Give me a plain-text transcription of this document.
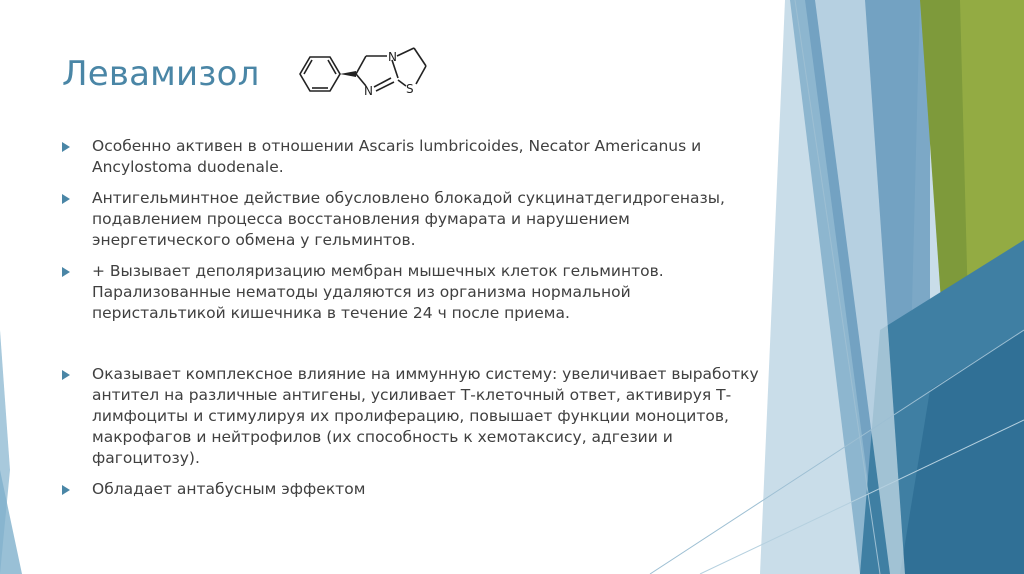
Левамизол	N
N	S
Особенно активен в отношении Ascaris lumbricoides, Necator Americanus и Ancylostoma duodenale.
Антигельминтное действие обусловлено блокадой сукцинатдегидрогеназы, подавлением процесса восстановления фумарата и нарушением энергетического обмена у гельминтов.
+ Вызывает деполяризацию мембран мышечных клеток гельминтов. Парализованные нематоды удаляются из организма нормальной перистальтикой кишечника в течение 24 ч после приема.
Оказывает комплексное влияние на иммунную систему: увеличивает выработку антител на различные антигены, усиливает Т-клеточный ответ, активируя Т-лимфоциты и стимулируя их пролиферацию, повышает функции моноцитов, макрофагов и нейтрофилов (их способность к хемотаксису, адгезии и фагоцитозу).
Обладает антабусным эффектом
